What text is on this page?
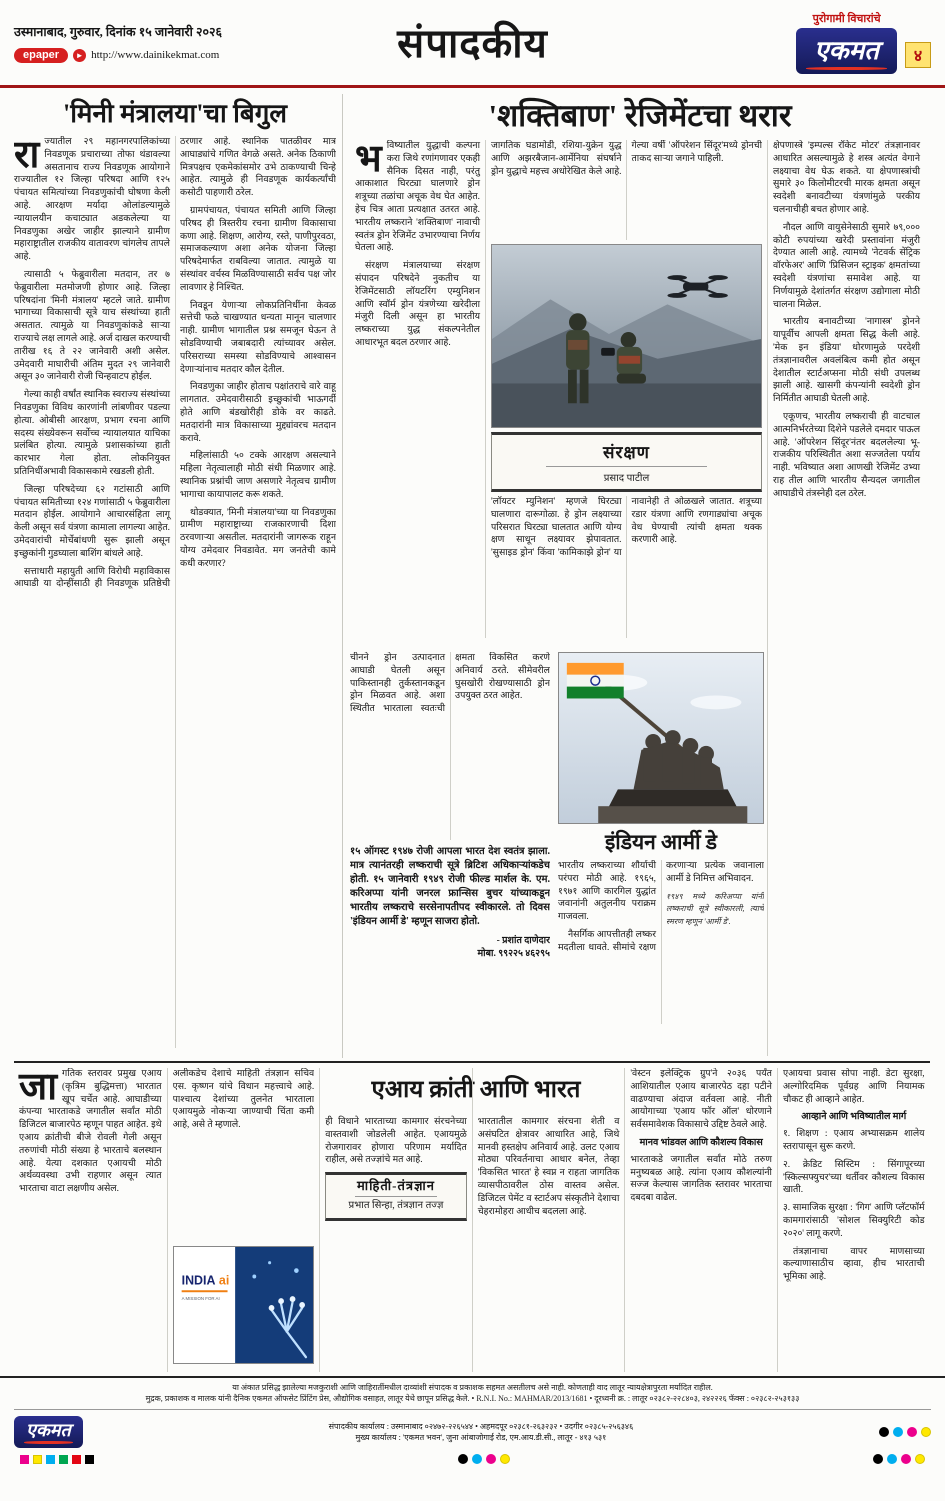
उस्मानाबाद, गुरुवार, दिनांक १५ जानेवारी २०२६
epaper	► http://www.dainikekmat.com	संपादकीय
पुरोगामी विचारांचे
एकमत	४
'मिनी मंत्रालया'चा बिगुल

राज्यातील २९ महानगरपालिकांच्या निवडणूक प्रचाराच्या तोफा थंडावल्या असतानाच राज्य निवडणूक आयोगाने राज्यातील १२ जिल्हा परिषदा आणि १२५ पंचायत समित्यांच्या निवडणुकांची घोषणा केली आहे. आरक्षण मर्यादा ओलांडल्यामुळे न्यायालयीन कचाट्यात अडकलेल्या या निवडणुका अखेर जाहीर झाल्याने ग्रामीण महाराष्ट्रातील राजकीय वातावरण चांगलेच तापले आहे.

त्यासाठी ५ फेब्रुवारीला मतदान, तर ७ फेब्रुवारीला मतमोजणी होणार आहे. जिल्हा परिषदांना 'मिनी मंत्रालय' म्हटले जाते. ग्रामीण भागाच्या विकासाची सूत्रे याच संस्थांच्या हाती असतात. त्यामुळे या निवडणुकांकडे साऱ्या राज्याचे लक्ष लागले आहे. अर्ज दाखल करण्याची तारीख १६ ते २२ जानेवारी अशी असेल. उमेदवारी माघारीची अंतिम मुदत २९ जानेवारी असून ३० जानेवारी रोजी चिन्हवाटप होईल.

गेल्या काही वर्षांत स्थानिक स्वराज्य संस्थांच्या निवडणुका विविध कारणांनी लांबणीवर पडल्या होत्या. ओबीसी आरक्षण, प्रभाग रचना आणि सदस्य संख्येवरून सर्वोच्च न्यायालयात याचिका प्रलंबित होत्या. त्यामुळे प्रशासकांच्या हाती कारभार गेला होता. लोकनियुक्त प्रतिनिधींअभावी विकासकामे रखडली होती.

जिल्हा परिषदेच्या ६२ गटांसाठी आणि पंचायत समितीच्या १२४ गणांसाठी ५ फेब्रुवारीला मतदान होईल. आयोगाने आचारसंहिता लागू केली असून सर्व यंत्रणा कामाला लागल्या आहेत. उमेदवारांची मोर्चेबांधणी सुरू झाली असून इच्छुकांनी गुडघ्याला बाशिंग बांधले आहे.

सत्ताधारी महायुती आणि विरोधी महाविकास आघाडी या दोन्हींसाठी ही निवडणूक प्रतिष्ठेची ठरणार आहे. स्थानिक पातळीवर मात्र आघाड्यांचे गणित वेगळे असते. अनेक ठिकाणी मित्रपक्षच एकमेकांसमोर उभे ठाकण्याची चिन्हे आहेत. त्यामुळे ही निवडणूक कार्यकर्त्यांची कसोटी पाहणारी ठरेल.

ग्रामपंचायत, पंचायत समिती आणि जिल्हा परिषद ही त्रिस्तरीय रचना ग्रामीण विकासाचा कणा आहे. शिक्षण, आरोग्य, रस्ते, पाणीपुरवठा, समाजकल्याण अशा अनेक योजना जिल्हा परिषदेमार्फत राबविल्या जातात. त्यामुळे या संस्थांवर वर्चस्व मिळविण्यासाठी सर्वच पक्ष जोर लावणार हे निश्चित.

निवडून येणाऱ्या लोकप्रतिनिधींना केवळ सत्तेची फळे चाखण्यात धन्यता मानून चालणार नाही. ग्रामीण भागातील प्रश्न समजून घेऊन ते सोडविण्याची जबाबदारी त्यांच्यावर असेल. परिसराच्या समस्या सोडविण्याचे आश्वासन देणाऱ्यांनाच मतदार कौल देतील.

निवडणुका जाहीर होताच पक्षांतराचे वारे वाहू लागतात. उमेदवारीसाठी इच्छुकांची भाऊगर्दी होते आणि बंडखोरीही डोके वर काढते. मतदारांनी मात्र विकासाच्या मुद्द्यांवरच मतदान करावे.

महिलांसाठी ५० टक्के आरक्षण असल्याने महिला नेतृत्वालाही मोठी संधी मिळणार आहे. स्थानिक प्रश्नांची जाण असणारे नेतृत्वच ग्रामीण भागाचा कायापालट करू शकते.

थोडक्यात, 'मिनी मंत्रालया'च्या या निवडणुका ग्रामीण महाराष्ट्राच्या राजकारणाची दिशा ठरवणाऱ्या असतील. मतदारांनी जागरूक राहून योग्य उमेदवार निवडावेत. मग जनतेची कामे कधी करणार?

'शक्तिबाण' रेजिमेंटचा थरार

भविष्यातील युद्धाची कल्पना करा जिथे रणांगणावर एकही सैनिक दिसत नाही, परंतु आकाशात घिरट्या घालणारे ड्रोन शत्रूच्या तळांचा अचूक वेध घेत आहेत. हेच चित्र आता प्रत्यक्षात उतरत आहे. भारतीय लष्कराने 'शक्तिबाण' नावाची स्वतंत्र ड्रोन रेजिमेंट उभारण्याचा निर्णय घेतला आहे.

संरक्षण मंत्रालयाच्या संरक्षण संपादन परिषदेने नुकतीच या रेजिमेंटसाठी लॉयटरिंग एम्युनिशन आणि स्वॉर्म ड्रोन यंत्रणेच्या खरेदीला मंजुरी दिली असून हा भारतीय लष्कराच्या युद्ध संकल्पनेतील आधारभूत बदल ठरणार आहे.

जागतिक घडामोडी, रशिया-युक्रेन युद्ध आणि अझरबैजान-आर्मेनिया संघर्षाने ड्रोन युद्धाचे महत्त्व अधोरेखित केले आहे. गेल्या वर्षी 'ऑपरेशन सिंदूर'मध्ये ड्रोनची ताकद साऱ्या जगाने पाहिली.

संरक्षण
प्रसाद पाटील

'लॉयटर म्युनिशन' म्हणजे घिरट्या घालणारा दारूगोळा. हे ड्रोन लक्ष्याच्या परिसरात घिरट्या घालतात आणि योग्य क्षण साधून लक्ष्यावर झेपावतात. 'सुसाइड ड्रोन' किंवा 'कामिकाझे ड्रोन' या नावानेही ते ओळखले जातात. शत्रूच्या रडार यंत्रणा आणि रणगाड्यांचा अचूक वेध घेण्याची त्यांची क्षमता थक्क करणारी आहे.

क्षेपणास्त्रे 'इम्पल्स रॉकेट मोटर' तंत्रज्ञानावर आधारित असल्यामुळे हे शस्त्र अत्यंत वेगाने लक्ष्याचा वेध घेऊ शकते. या क्षेपणास्त्रांची सुमारे ३० किलोमीटरची मारक क्षमता असून स्वदेशी बनावटीच्या यंत्रणांमुळे परकीय चलनाचीही बचत होणार आहे.

नौदल आणि वायुसेनेसाठी सुमारे ७९,००० कोटी रुपयांच्या खरेदी प्रस्तावांना मंजुरी देण्यात आली आहे. त्यामध्ये 'नेटवर्क सेंट्रिक वॉरफेअर' आणि 'प्रिसिजन स्ट्राइक' क्षमतांच्या स्वदेशी यंत्रणांचा समावेश आहे. या निर्णयामुळे देशांतर्गत संरक्षण उद्योगाला मोठी चालना मिळेल.

भारतीय बनावटीच्या 'नागास्त्र' ड्रोनने यापूर्वीच आपली क्षमता सिद्ध केली आहे. 'मेक इन इंडिया' धोरणामुळे परदेशी तंत्रज्ञानावरील अवलंबित्व कमी होत असून देशातील स्टार्टअप्सना मोठी संधी उपलब्ध झाली आहे. खासगी कंपन्यांनी स्वदेशी ड्रोन निर्मितीत आघाडी घेतली आहे.

एकूणच, भारतीय लष्कराची ही वाटचाल आत्मनिर्भरतेच्या दिशेने पडलेले दमदार पाऊल आहे. 'ऑपरेशन सिंदूर'नंतर बदललेल्या भू-राजकीय परिस्थितीत अशा सज्जतेला पर्याय नाही. भविष्यात अशा आणखी रेजिमेंट उभ्या राह तील आणि भारतीय सैन्यदल जगातील आघाडीचे तंत्रस्नेही दल ठरेल.

चीनने ड्रोन उत्पादनात आघाडी घेतली असून पाकिस्तानही तुर्कस्तानकडून ड्रोन मिळवत आहे. अशा स्थितीत भारताला स्वतःची क्षमता विकसित करणे अनिवार्य ठरते. सीमेवरील घुसखोरी रोखण्यासाठी ड्रोन उपयुक्त ठरत आहेत.

१५ ऑगस्ट १९४७ रोजी आपला भारत देश स्वतंत्र झाला. मात्र त्यानंतरही लष्कराची सूत्रे ब्रिटिश अधिकाऱ्यांकडेच होती. १५ जानेवारी १९४९ रोजी फील्ड मार्शल के. एम. करिअप्पा यांनी जनरल फ्रान्सिस बुचर यांच्याकडून भारतीय लष्कराचे सरसेनापतीपद स्वीकारले. तो दिवस 'इंडियन आर्मी डे' म्हणून साजरा होतो.

- प्रशांत दाणेदार
मोबा. ९९२२५ ४६२९५
इंडियन आर्मी डे

भारतीय लष्कराच्या शौर्याची परंपरा मोठी आहे. १९६५, १९७१ आणि कारगिल युद्धांत जवानांनी अतुलनीय पराक्रम गाजवला.

नैसर्गिक आपत्तीतही लष्कर मदतीला धावते. सीमांचे रक्षण करणाऱ्या प्रत्येक जवानाला आर्मी डे निमित्त अभिवादन.

१९४९ मध्ये करिअप्पा यांनी लष्कराची सूत्रे स्वीकारली, त्याचे स्मरण म्हणून 'आर्मी डे'.

एआय क्रांती आणि भारत

जागतिक स्तरावर प्रमुख एआय (कृत्रिम बुद्धिमत्ता) भारतात खूप चर्चेत आहे. आघाडीच्या कंपन्या भारताकडे जगातील सर्वांत मोठी डिजिटल बाजारपेठ म्हणून पाहत आहेत. इथे एआय क्रांतीची बीजे रोवली गेली असून तरुणांची मोठी संख्या हे भारताचे बलस्थान आहे. येत्या दशकात एआयची मोठी अर्थव्यवस्था उभी राहणार असून त्यात भारताचा वाटा लक्षणीय असेल.

अलीकडेच देशाचे माहिती तंत्रज्ञान सचिव एस. कृष्णन यांचे विधान महत्त्वाचे आहे. पाश्चात्य देशांच्या तुलनेत भारताला एआयमुळे नोकऱ्या जाण्याची चिंता कमी आहे, असे ते म्हणाले.

INDIA ai
A MISSION FOR AI

ही विधाने भारताच्या कामगार संरचनेच्या वास्तवाशी जोडलेली आहेत. एआयमुळे रोजगारावर होणारा परिणाम मर्यादित राहील, असे तज्ज्ञांचे मत आहे.

माहिती-तंत्रज्ञान
प्रभात सिन्हा, तंत्रज्ञान तज्ज्ञ

भारतातील कामगार संरचना शेती व असंघटित क्षेत्रावर आधारित आहे, जिथे मानवी हस्तक्षेप अनिवार्य आहे. उलट एआय मोठ्या परिवर्तनाचा आधार बनेल, तेव्हा 'विकसित भारत' हे स्वप्न न राहता जागतिक व्यासपीठावरील ठोस वास्तव असेल. डिजिटल पेमेंट व स्टार्टअप संस्कृतीने देशाचा चेहरामोहरा आधीच बदलला आहे.

'वेस्टन इलेक्ट्रिक ग्रुप'ने २०३६ पर्यंत आशियातील एआय बाजारपेठ दहा पटीने वाढण्याचा अंदाज वर्तवला आहे. नीती आयोगाच्या 'एआय फॉर ऑल' धोरणाने सर्वसमावेशक विकासाचे उद्दिष्ट ठेवले आहे.

मानव भांडवल आणि कौशल्य विकास

भारताकडे जगातील सर्वांत मोठे तरुण मनुष्यबळ आहे. त्यांना एआय कौशल्यांनी सज्ज केल्यास जागतिक स्तरावर भारताचा दबदबा वाढेल.

एआयचा प्रवास सोपा नाही. डेटा सुरक्षा, अल्गोरिदमिक पूर्वग्रह आणि नियामक चौकट ही आव्हाने आहेत.

आव्हाने आणि भविष्यातील मार्ग

१. शिक्षण : एआय अभ्यासक्रम शालेय स्तरापासून सुरू करणे.

२. क्रेडिट सिस्टिम : सिंगापूरच्या 'स्किल्सफ्युचर'च्या धर्तीवर कौशल्य विकास खाती.

३. सामाजिक सुरक्षा : 'गिग' आणि प्लॅटफॉर्म कामगारांसाठी 'सोशल सिक्युरिटी कोड २०२०' लागू करणे.

तंत्रज्ञानाचा वापर माणसाच्या कल्याणासाठीच व्हावा, हीच भारताची भूमिका आहे.

या अंकात प्रसिद्ध झालेल्या मजकुराशी आणि जाहिरातींमधील दाव्यांशी संपादक व प्रकाशक सहमत असतीलच असे नाही. कोणताही वाद लातूर न्यायक्षेत्रापुरता मर्यादित राहील.
मुद्रक, प्रकाशक व मालक यांनी दैनिक एकमत ऑफसेट प्रिंटिंग प्रेस, औद्योगिक वसाहत, लातूर येथे छापून प्रसिद्ध केले. • R.N.I. No.: MAHMAR/2013/1681 • दूरध्वनी क्र. : लातूर ०२३८२-२२८४०३, २४२२२६ फॅक्स : ०२३८२-२५३१३३
एकमत	संपादकीय कार्यालय : उस्मानाबाद ०२४७२-२२६५४४ • अहमदपूर ०२३८१-२६३२३२ • उदगीर ०२३८५-२५६३४६
मुख्य कार्यालय : 'एकमत भवन', जुना आंबाजोगाई रोड, एम.आय.डी.सी., लातूर - ४१३ ५३१
